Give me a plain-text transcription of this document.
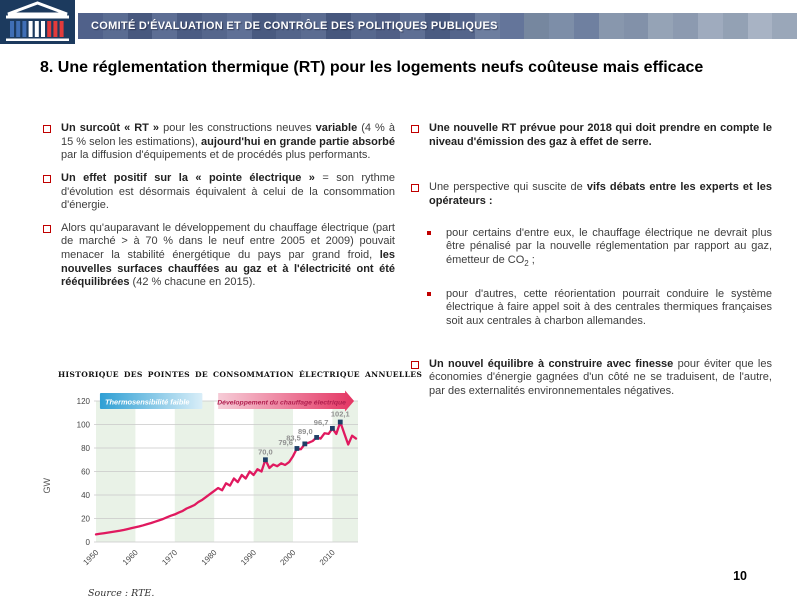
COMITÉ D'ÉVALUATION ET DE CONTRÔLE DES POLITIQUES PUBLIQUES
8. Une réglementation thermique (RT) pour les logements neufs coûteuse mais efficace
Un surcoût « RT » pour les constructions neuves variable (4 % à 15 % selon les estimations), aujourd'hui en grande partie absorbé par la diffusion d'équipements et de procédés plus performants.
Un effet positif sur la « pointe électrique » = son rythme d'évolution est désormais équivalent à celui de la consommation d'énergie.
Alors qu'auparavant le développement du chauffage électrique (part de marché > à 70 % dans le neuf entre 2005 et 2009) pouvait menacer la stabilité énergétique du pays par grand froid, les nouvelles surfaces chauffées au gaz et à l'électricité ont été rééquilibrées (42 % chacune en 2015).
HISTORIQUE DES POINTES DE CONSOMMATION ÉLECTRIQUE ANNUELLES
0
20
40
60
80
100
120
1950	1960	1970	1980	1990	2000	2010
GW
Thermosensibilité faible	Développement du chauffage électrique
70,0
79,6
83,5
89,0
96,7
102,1
Source : RTE.
Une nouvelle RT prévue pour 2018 qui doit prendre en compte le niveau d'émission des gaz à effet de serre.
Une perspective qui suscite de vifs débats entre les experts et les opérateurs :
pour certains d'entre eux, le chauffage électrique ne devrait plus être pénalisé par la nouvelle réglementation par rapport au gaz, émetteur de $CO_2$ ;
pour d'autres, cette réorientation pourrait conduire le système électrique à faire appel soit à des centrales thermiques françaises soit aux centrales à charbon allemandes.
Un nouvel équilibre à construire avec finesse pour éviter que les économies d'énergie gagnées d'un côté ne se traduisent, de l'autre, par des externalités environnementales négatives.
10
